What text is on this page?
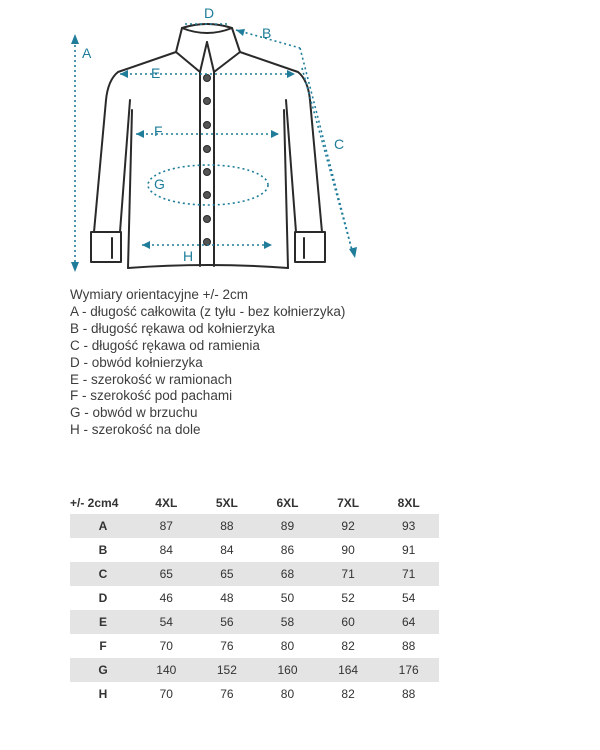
A
B
C
D
E
F
G
H
Wymiary orientacyjne +/- 2cm
A - długość całkowita (z tyłu - bez kołnierzyka)
B - długość rękawa od kołnierzyka
C - długość rękawa od ramienia
D - obwód kołnierzyka
E - szerokość w ramionach
F - szerokość pod pachami
G - obwód w brzuchu
H - szerokość na dole
+/- 2cm4	4XL	5XL	6XL	7XL	8XL
A	87	88	89	92	93
B	84	84	86	90	91
C	65	65	68	71	71
D	46	48	50	52	54
E	54	56	58	60	64
F	70	76	80	82	88
G	140	152	160	164	176
H	70	76	80	82	88
